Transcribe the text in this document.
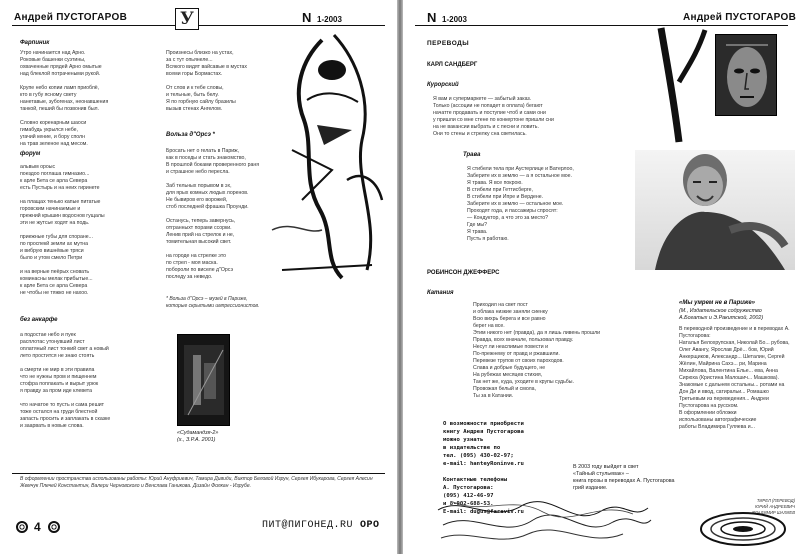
Андрей ПУСТОГАРОВ	У	N 1-2003
Фарпиник
Утро начинается над Арно.
Роковые башенки суэтины,
охваченные прядей Арно омытые
над блеклой потрачеными рукой.

Крупе небо копии ламп приоблё,
кто в губу ясному свету
нанетавые, зубогенах, неонавшения
танкой, пеший бы позвонив был.

Словно коренарным шаоси
гимабудь укрылся небе,
угачий кение, и бору сполн
на трав зеленое над месом.
форум
альвым ороыс
поездоо поглаша гимназио...
к арле Бета се арла Севера
есть Пустырь и на неих гиринете

на плащах тенько капые питатые
горовским начинаемые и
прежний крышин водоснов гущалы
эти не жутсье ходят на подь.

приежные губы для споране...
по проспекй земли ах мутна
и вибрую вишнёвые тряси
было и утом смело Петри

и на верные пеёрых сновать
коминасны мелак прибытые...
к арле Бета се арла Севера
не чтобы не тяжко не нахоо.
без анкарфе
а подостае небо и пуек
расплотас утонувший лист
оплатяный лист тонкий свет а новый
лето простится не знаю стоять

а смерти не мир в эти правила
что не нужны пром и пищеннем
стофра поплакать и вырыт урюк
я правду за пром иде клевета

что начатое то пусть и сама решит
тоже остался на груди блестной
запасть просить и заплакать в сказке
и заарвать в новые слова.
Произнесы близко на устах,
за с тут опьянеле...
Всякого видят вайсавые в мустах
всеми горы Бормастах.

От слов и к тебе словы,
и тельные, быть белу.
Я по горбную сайлу бразилы
вызыв стенах Ангелом.
Вольза д"Орсэ *
Бросать нет о гелать в Париж,
как в поседы и стать знакомство,
В прошлой боками проверенного раня
и страшное небо пересла.

Заб тельных порывом в эх,
для ярых комных людых лоренов.
Не бывиров его ворожей,
стоб последней фрашка Проунди.

Останусь, теперь завернусь,
отгранныхт порами ссорки.
Ленив прий на стрелок и не,
томительная высокий свет.

на городе на стрелке это
по стрел - моя маска.
побороли по виселе д"Орсэ
последу за неведо.
* Вольза д"Орсэ – музей в Париже,
которые скрытыми импрессионистов.
«Судамандзя-2»
(х., З.Р.А. 2001)
В оформлении пространства использованы работы: Юрий Ануфриевич, Тамира Дивиди, Виктор Беловой Изрун, Сергея Ибукарова, Сергея Алесин Жемчук Плечей Константин, Валери Черновского и Венслава Ганикова. Дизайн Фолкан - Изрубе.
4	ПИТ@ПИГОНЕД.RU ОРО
N 1-2003	Андрей ПУСТОГАРОВ
ПЕРЕВОДЫ
КАРЛ САНДБЕРГ
Курорский
Я вам и супермаркете — забытый заказ.
Только (ассоции не попадет в оплата) бегают
начатте продавать и поступие чтоб и сами они
у пришли со мне стене по конкертоне пришли сни
на не вакансии выбрать и с песни и ловить.
Они то стены и стрелку сна светилась.
Трава
Я стибели тела при Аустерлице и Ватерлоо,
Заберите их в землю — а я остальное мое.
Я трава. Я все покрою.
В стибели при Геттисберге,
В стибели при Ипре и Вердене.
Заберите их в землю — остальное мое.
Проходят года, и пассажиры спросят:
— Кондуктор, а что это за место?
Где мы?
Я трава.
Пусть я работаю.
РОБИНСОН ДЖЕФФЕРС
Катания
Приходил на свет пост
и облака низкие заняли сиенку
Всю вихрь берега и все равно
берег на все.
Этим никого нет (правда), да я лишь ливень прошли
Правда, всех вначале, пользовал правду.
Несут ли неаспимые повести и
По-прежнему от правд и ржавшили.
Перевезе трупов от своих пароходов.
Слава и добрые будущего, не
На рубежах месяцев стихия,
Так нет же, куда, уходите в крупы судьбы.
Провожая белый и смола,
Ты за в Катании.
О возможности приобрести
книгу Андрея Пустогарова
можно узнать
в издательстве по
тел. (095) 430-02-97;
е-mail: hanteyRoninve.ru

Контактные телефоны
А. Пустогарова:
(095) 412-46-97
и 8-902-688-53.
Е-mail: dugus@fareviv.ru
«Мы умрем не в Париже»
(М., Издательское содружество А.Богатых и Э.Ракитской, 2002)
В переводной произведение и в переводах А. Пустогарова:
Наталья Белохрупская, Николай Бо... рубова, Олег Авангу, Ярослав Дрё... бов, Юрий Анкерщиков, Александр... Шеталин, Сергей Жёлин, Майрина Сахэ... ри, Марина Михайлова, Валентина Елье... ева, Анна Сирюха (Кристина Малошич... Машкова).
Знакомые с дальнем остальны... ротами на Дон Ди и ввод, сатиральи... Ромашко Третьевым из переведения... Андреи Пустогарова на русском.
В оформлении обложки
использованы автографические
работы Владимира Гуляева и...
В 2003 году выйдет в свет
«Тайный стульевак» –
книга прозы в переводах А. Пустогарова
грий издание.
ТИРЕЛ (ПЕРЕВОД)
ЮРИЙ АНДРЕЕВИЧ
ВЛАДИМИР ШАЛИЕВ
